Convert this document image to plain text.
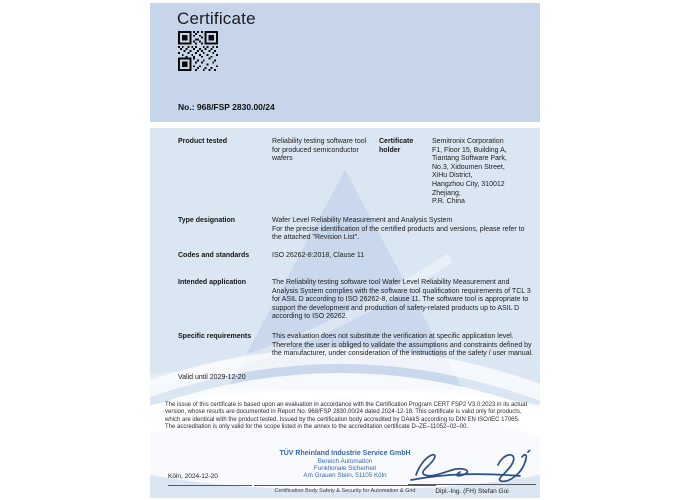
Certificate
No.: 968/FSP 2830.00/24
Product tested	Reliability testing software tool for produced semiconductor wafers
Certificate holder
Semitronix Corporation
F1, Floor 15, Building A,
Tiantang Software Park,
No.3, Xidoumen Street,
XiHu District,
Hangzhou City, 310012
Zhejiang,
P.R. China
Type designation	Wafer Level Reliability Measurement and Analysis System
For the precise identification of the certified products and versions, please refer to the attached "Revision List".
Codes and standards	ISO 26262-8:2018, Clause 11
Intended application	The Reliability testing software tool Wafer Level Reliability Measurement and Analysis System complies with the software tool qualification requirements of TCL 3 for ASIL D according to ISO 26262-8, clause 11. The software tool is appropriate to support the development and production of safety-related products up to ASIL D according to ISO 26262.
Specific requirements	This evaluation does not substitute the verification at specific application level. Therefore the user is obliged to validate the assumptions and constraints defined by the manufacturer, under consideration of the instructions of the safety / user manual.
Valid until 2029-12-20
The issue of this certificate is based upon an evaluation in accordance with the Certification Program CERT FSP2 V3.0:2023 in its actual version, whose results are documented in Report No. 968/FSP 2830.00/24 dated 2024-12-18. This certificate is valid only for products, which are identical with the product tested. Issued by the certification body accredited by DAkkS according to DIN EN ISO/IEC 17065. The accreditation is only valid for the scope listed in the annex to the accreditation certificate D–ZE–11052–02–00.
Köln, 2024-12-20
TÜV Rheinland Industrie Service GmbH
Bereich Automation
Funktionale Sicherheit
Am Grauen Stein, 51105 Köln
Certification Body Safety & Security for Automation & Grid	Dipl.-Ing. (FH) Stefan Goi
